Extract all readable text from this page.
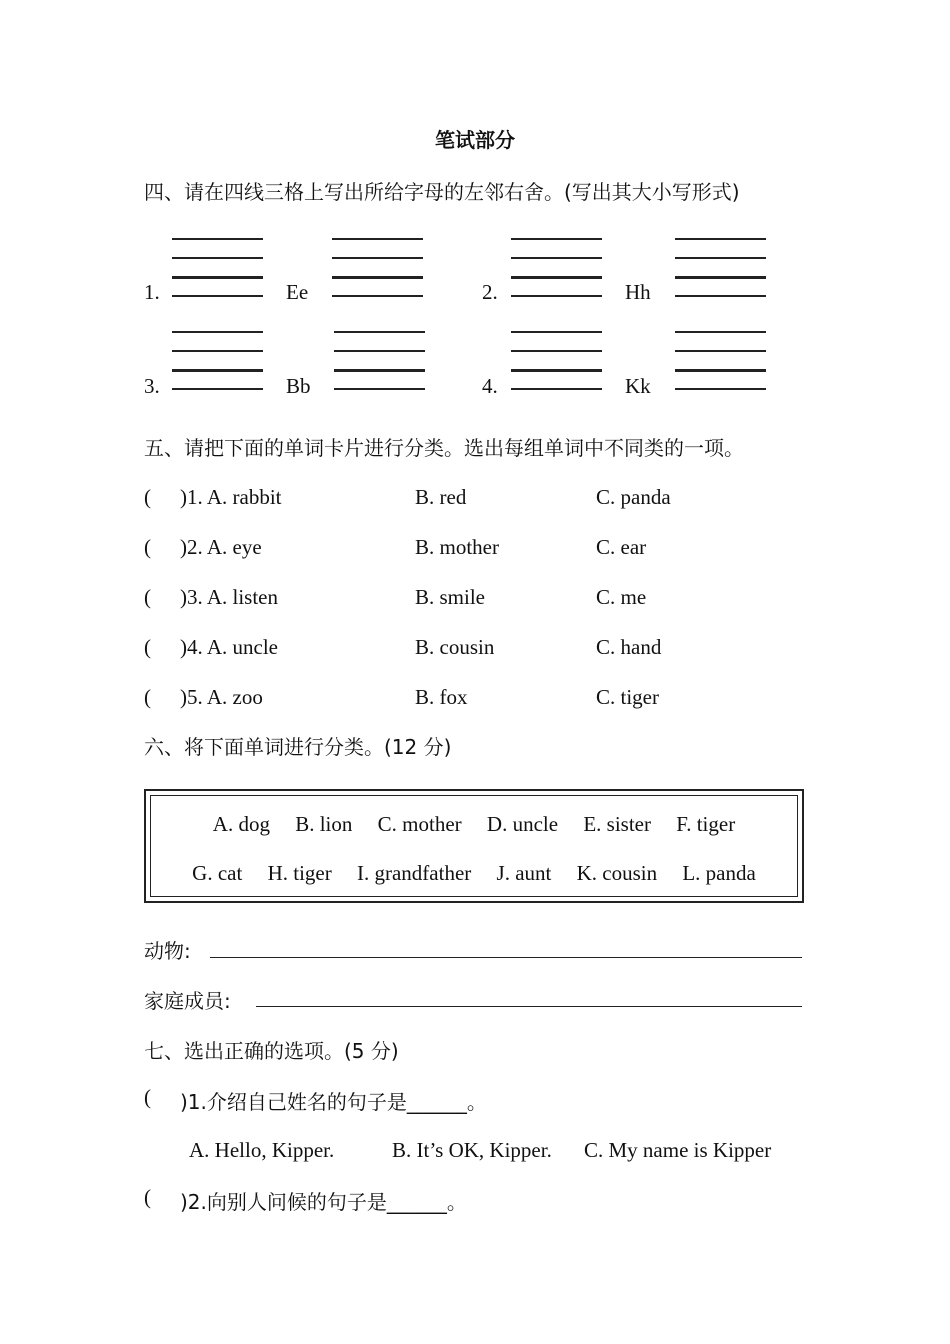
笔试部分
四、请在四线三格上写出所给字母的左邻右舍。(写出其大小写形式)
1.	Ee	2.	Hh
3.	Bb	4.	Kk
五、请把下面的单词卡片进行分类。选出每组单词中不同类的一项。
( )1. A. rabbit	B. red	C. panda
( )2. A. eye	B. mother	C. ear
( )3. A. listen	B. smile	C. me
( )4. A. uncle	B. cousin	C. hand
( )5. A. zoo	B. fox	C. tiger
六、将下面单词进行分类。(12 分)
A. dog B. lion C. mother D. uncle E. sister F. tiger
G. cat H. tiger I. grandfather J. aunt K. cousin L. panda
动物:
家庭成员:
七、选出正确的选项。(5 分)
( )1.介绍自己姓名的句子是______。
A. Hello, Kipper.	B. It’s OK, Kipper. C. My name is Kipper
( )2.向别人问候的句子是______。
